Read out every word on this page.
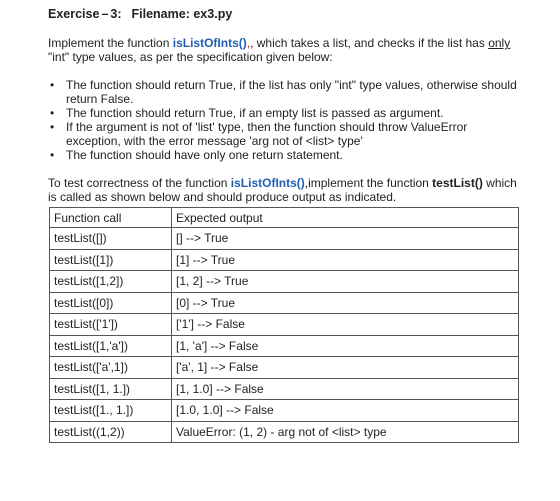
Exercise – 3: Filename: ex3.py

Implement the function isListOfInts(),, which takes a list, and checks if the list has only "int" type values, as per the specification given below:

• The function should return True, if the list has only "int" type values, otherwise should return False.
• The function should return True, if an empty list is passed as argument.
• If the argument is not of 'list' type, then the function should throw ValueError exception, with the error message 'arg not of <list> type'
• The function should have only one return statement.

To test correctness of the function isListOfInts(),implement the function testList() which is called as shown below and should produce output as indicated.

Function call	Expected output
testList([])	[] --> True
testList([1])	[1] --> True
testList([1,2])	[1, 2] --> True
testList([0])	[0] --> True
testList(['1'])	['1'] --> False
testList([1,'a'])	[1, 'a'] --> False
testList(['a',1])	['a', 1] --> False
testList([1, 1.])	[1, 1.0] --> False
testList([1., 1.])	[1.0, 1.0] --> False
testList((1,2))	ValueError: (1, 2) - arg not of <list> type
